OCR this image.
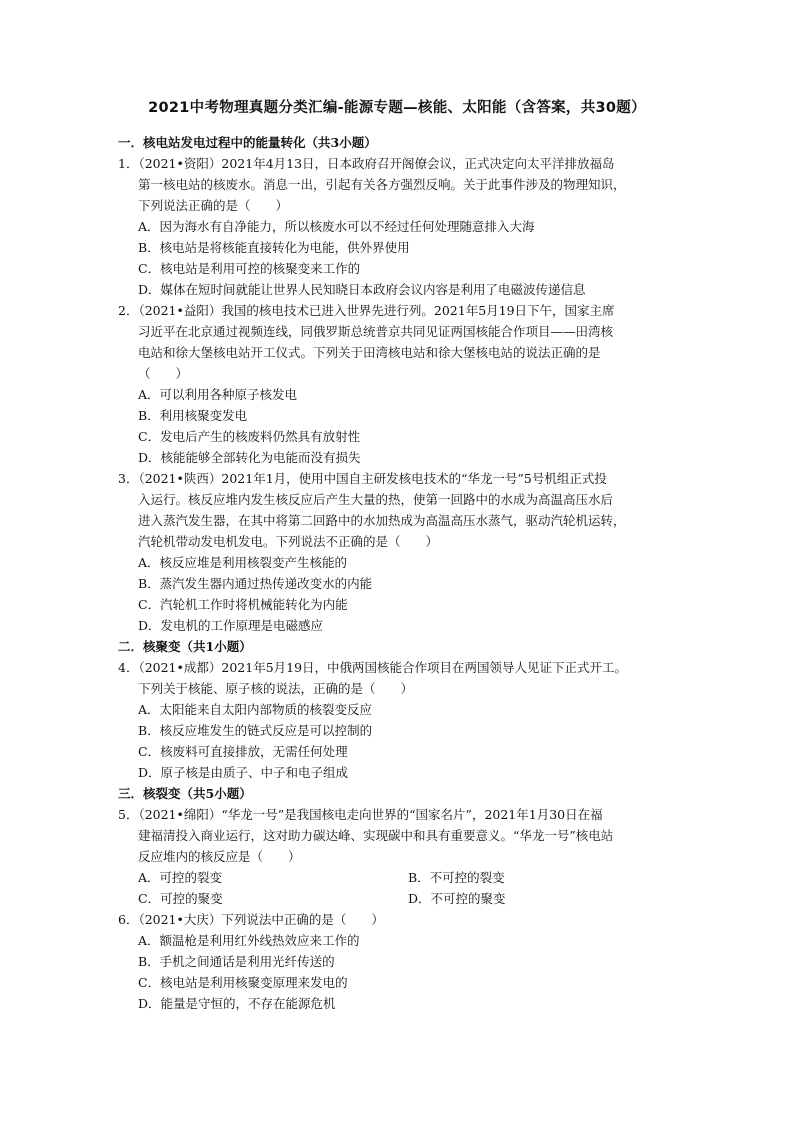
2021中考物理真题分类汇编-能源专题—核能、太阳能（含答案，共30题）

一．核电站发电过程中的能量转化（共3小题）

1．（2021•资阳）2021年4月13日，日本政府召开阁僚会议，正式决定向太平洋排放福岛

第一核电站的核废水。消息一出，引起有关各方强烈反响。关于此事件涉及的物理知识，

下列说法正确的是（　　）

A．因为海水有自净能力，所以核废水可以不经过任何处理随意排入大海

B．核电站是将核能直接转化为电能，供外界使用

C．核电站是利用可控的核聚变来工作的

D．媒体在短时间就能让世界人民知晓日本政府会议内容是利用了电磁波传递信息

2．（2021•益阳）我国的核电技术已进入世界先进行列。2021年5月19日下午，国家主席

习近平在北京通过视频连线，同俄罗斯总统普京共同见证两国核能合作项目——田湾核

电站和徐大堡核电站开工仪式。下列关于田湾核电站和徐大堡核电站的说法正确的是

（　　）

A．可以利用各种原子核发电

B．利用核聚变发电

C．发电后产生的核废料仍然具有放射性

D．核能能够全部转化为电能而没有损失

3．（2021•陕西）2021年1月，使用中国自主研发核电技术的“华龙一号”5号机组正式投

入运行。核反应堆内发生核反应后产生大量的热，使第一回路中的水成为高温高压水后

进入蒸汽发生器，在其中将第二回路中的水加热成为高温高压水蒸气，驱动汽轮机运转，

汽轮机带动发电机发电。下列说法不正确的是（　　）

A．核反应堆是利用核裂变产生核能的

B．蒸汽发生器内通过热传递改变水的内能

C．汽轮机工作时将机械能转化为内能

D．发电机的工作原理是电磁感应

二．核聚变（共1小题）

4．（2021•成都）2021年5月19日，中俄两国核能合作项目在两国领导人见证下正式开工。

下列关于核能、原子核的说法，正确的是（　　）

A．太阳能来自太阳内部物质的核裂变反应

B．核反应堆发生的链式反应是可以控制的

C．核废料可直接排放，无需任何处理

D．原子核是由质子、中子和电子组成

三．核裂变（共5小题）

5．（2021•绵阳）“华龙一号”是我国核电走向世界的“国家名片”，2021年1月30日在福

建福清投入商业运行，这对助力碳达峰、实现碳中和具有重要意义。“华龙一号”核电站

反应堆内的核反应是（　　）

A．可控的裂变	B．不可控的裂变
C．可控的聚变	D．不可控的聚变

6．（2021•大庆）下列说法中正确的是（　　）

A．额温枪是利用红外线热效应来工作的

B．手机之间通话是利用光纤传送的

C．核电站是利用核聚变原理来发电的

D．能量是守恒的，不存在能源危机
